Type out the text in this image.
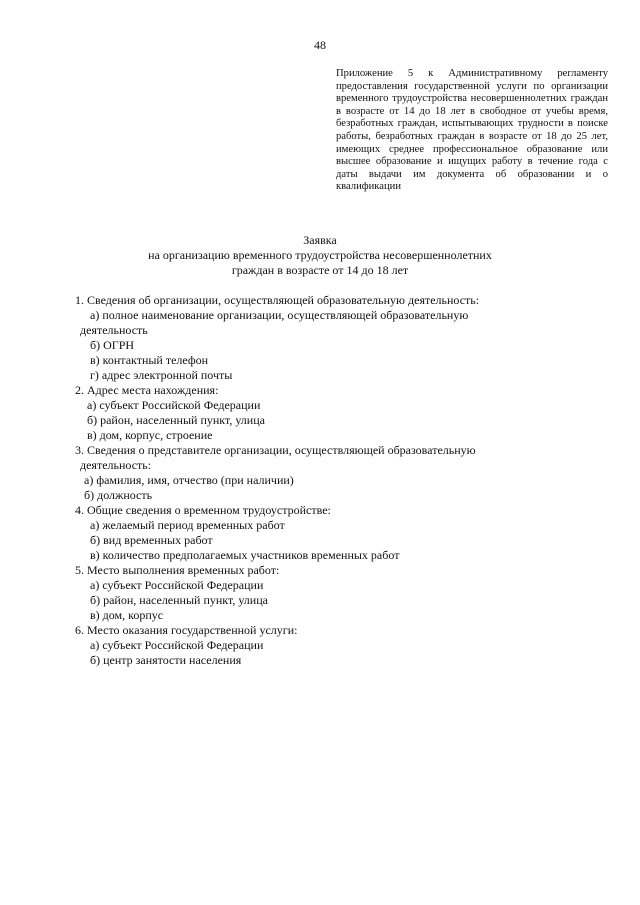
48
Приложение 5 к Административному регламенту предоставления государственной услуги по организации временного трудоустройства несовершеннолетних граждан в возрасте от 14 до 18 лет в свободное от учебы время, безработных граждан, испытывающих трудности в поиске работы, безработных граждан в возрасте от 18 до 25 лет, имеющих среднее профессиональное образование или высшее образование и ищущих работу в течение года с даты выдачи им документа об образовании и о квалификации
Заявка
на организацию временного трудоустройства несовершеннолетних
граждан в возрасте от 14 до 18 лет
1. Сведения об организации, осуществляющей образовательную деятельность:
а) полное наименование организации, осуществляющей образовательную
деятельность
б) ОГРН
в) контактный телефон
г) адрес электронной почты
2. Адрес места нахождения:
а) субъект Российской Федерации
б) район, населенный пункт, улица
в) дом, корпус, строение
3. Сведения о представителе организации, осуществляющей образовательную
деятельность:
а) фамилия, имя, отчество (при наличии)
б) должность
4. Общие сведения о временном трудоустройстве:
а) желаемый период временных работ
б) вид временных работ
в) количество предполагаемых участников временных работ
5. Место выполнения временных работ:
а) субъект Российской Федерации
б) район, населенный пункт, улица
в) дом, корпус
6. Место оказания государственной услуги:
а) субъект Российской Федерации
б) центр занятости населения
